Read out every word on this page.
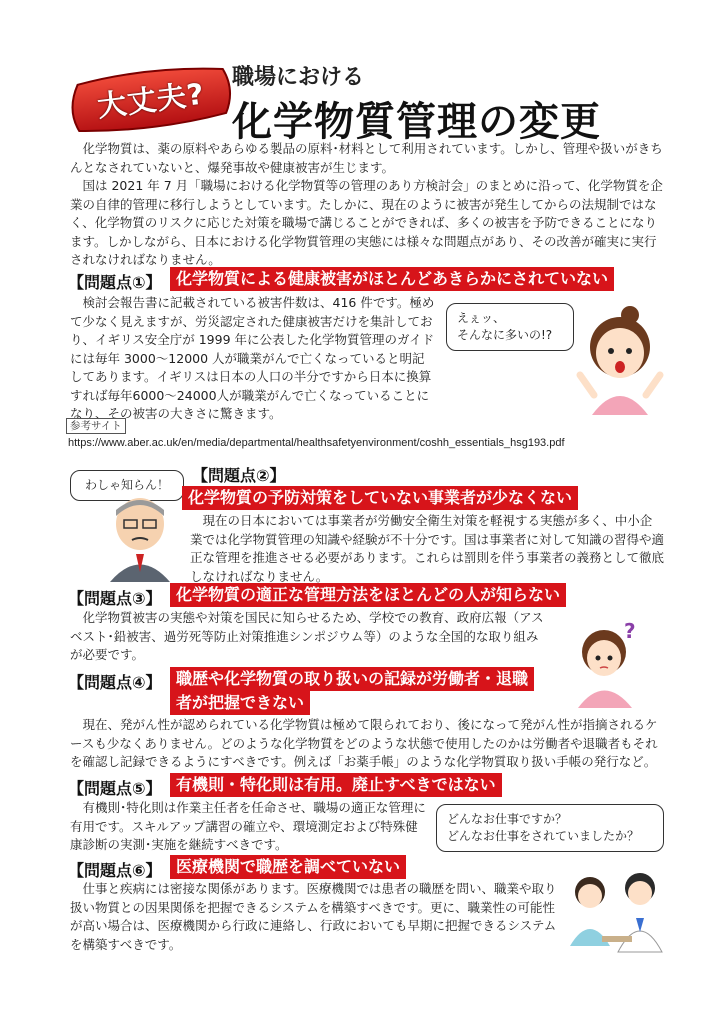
大丈夫?	職場における
化学物質管理の変更

化学物質は、薬の原料やあらゆる製品の原料･材料として利用されています。しかし、管理や扱いがきちんとなされていないと、爆発事故や健康被害が生じます。

国は 2021 年 7 月「職場における化学物質等の管理のあり方検討会」のまとめに沿って、化学物質を企業の自律的管理に移行しようとしています。たしかに、現在のように被害が発生してからの法規制ではなく、化学物質のリスクに応じた対策を職場で講じることができれば、多くの被害を予防できることになります。しかしながら、日本における化学物質管理の実態には様々な問題点があり、その改善が確実に実行されなければなりません。

【問題点①】 化学物質による健康被害がほとんどあきらかにされていない

検討会報告書に記載されている被害件数は、416 件です。極めて少なく見えますが、労災認定された健康被害だけを集計しており、イギリス安全庁が 1999 年に公表した化学物質管理のガイドには毎年 3000～12000 人が職業がんで亡くなっていると明記してあります。イギリスは日本の人口の半分ですから日本に換算すれば毎年6000～24000人が職業がんで亡くなっていることになり、その被害の大きさに驚きます。

参考サイト
https://www.aber.ac.uk/en/media/departmental/healthsafetyenvironment/coshh_essentials_hsg193.pdf
えぇッ、
そんなに多いの!?
わしゃ知らん！ 【問題点②】
化学物質の予防対策をしていない事業者が少なくない

現在の日本においては事業者が労働安全衛生対策を軽視する実態が多く、中小企業では化学物質管理の知識や経験が不十分です。国は事業者に対して知識の習得や適正な管理を推進させる必要があります。これらは罰則を伴う事業者の義務として徹底しなければなりません。

【問題点③】 化学物質の適正な管理方法をほとんどの人が知らない

化学物質被害の実態や対策を国民に知らせるため、学校での教育、政府広報（アスベスト･鉛被害、過労死等防止対策推進シンポジウム等）のような全国的な取り組みが必要です。

?
【問題点④】 職歴や化学物質の取り扱いの記録が労働者・退職
者が把握できない

現在、発がん性が認められている化学物質は極めて限られており、後になって発がん性が指摘されるケースも少なくありません。どのような化学物質をどのような状態で使用したのかは労働者や退職者もそれを確認し記録できるようにすべきです。例えば「お薬手帳」のような化学物質取り扱い手帳の発行など。

【問題点⑤】 有機則・特化則は有用。廃止すべきではない

有機則･特化則は作業主任者を任命させ、職場の適正な管理に有用です。スキルアップ講習の確立や、環境測定および特殊健康診断の実測･実施を継続すべきです。

どんなお仕事ですか？
どんなお仕事をされていましたか？
【問題点⑥】 医療機関で職歴を調べていない

仕事と疾病には密接な関係があります。医療機関では患者の職歴を問い、職業や取り扱い物質との因果関係を把握できるシステムを構築すべきです。更に、職業性の可能性が高い場合は、医療機関から行政に連絡し、行政においても早期に把握できるシステムを構築すべきです。
